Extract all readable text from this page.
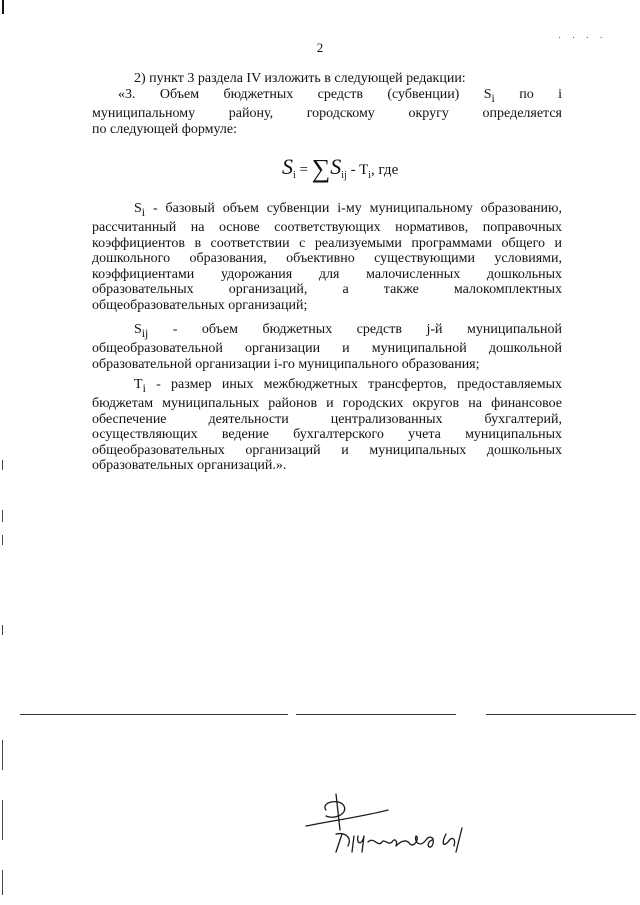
2
· · · ·
2) пункт 3 раздела IV изложить в следующей редакции:
«3. Объем бюджетных средств (субвенции) $S_i$ по i
муниципальному району, городскому округу определяется
по следующей формуле:
$S_i = \sum S_{ij} - T_i$, где
$S_i$ - базовый объем субвенции i-му муниципальному образованию,
рассчитанный на основе соответствующих нормативов, поправочных
коэффициентов в соответствии с реализуемыми программами общего и
дошкольного образования, объективно существующими условиями,
коэффициентами удорожания для малочисленных дошкольных
образовательных организаций, а также малокомплектных
общеобразовательных организаций;
$S_{ij}$ - объем бюджетных средств j-й муниципальной
общеобразовательной организации и муниципальной дошкольной
образовательной организации i-го муниципального образования;
$T_i$ - размер иных межбюджетных трансфертов, предоставляемых
бюджетам муниципальных районов и городских округов на финансовое
обеспечение деятельности централизованных бухгалтерий,
осуществляющих ведение бухгалтерского учета муниципальных
общеобразовательных организаций и муниципальных дошкольных
образовательных организаций.».
